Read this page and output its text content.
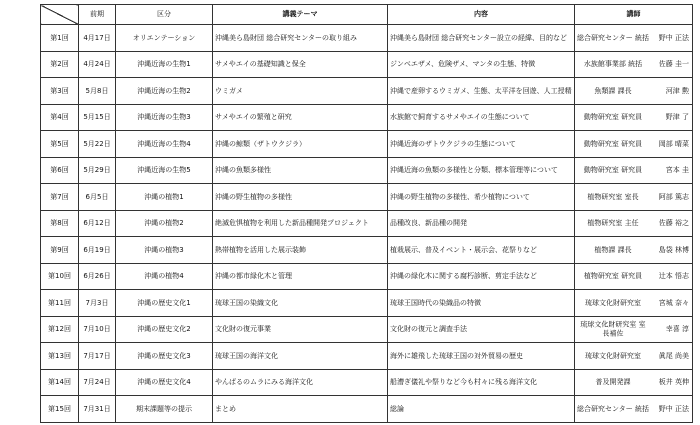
	前期	区分	講義テーマ	内容	講師
第1回	4月17日	オリエンテーション	沖縄美ら島財団 総合研究センターの取り組み	沖縄美ら島財団 総合研究センター設立の経緯、目的など	総合研究センター 統括 野中 正法

第2回	4月24日	沖縄近海の生物1	サメやエイの基礎知識と保全	ジンベエザメ、危険ザメ、マンタの生態、特徴	水族館事業部 統括 佐藤 圭一

第3回	5月8日	沖縄近海の生物2	ウミガメ	沖縄で産卵するウミガメ、生態、太平洋を回遊、人工授精	魚類課 課長 河津 勲

第4回	5月15日	沖縄近海の生物3	サメやエイの繁殖と研究	水族館で飼育するサメやエイの生態について	動物研究室 研究員 野津 了

第5回	5月22日	沖縄近海の生物4	沖縄の鯨類（ザトウクジラ）	沖縄近海のザトウクジラの生態について	動物研究室 研究員 岡部 晴菜

第6回	5月29日	沖縄近海の生物5	沖縄の魚類多様性	沖縄近海の魚類の多様性と分類、標本管理等について	動物研究室 研究員 宮本 圭

第7回	6月5日	沖縄の植物1	沖縄の野生植物の多様性	沖縄の野生植物の多様性、希少植物について	植物研究室 室長 阿部 篤志

第8回	6月12日	沖縄の植物2	絶滅危惧植物を利用した新品種開発プロジェクト	品種改良、新品種の開発	植物研究室 主任 佐藤 裕之

第9回	6月19日	沖縄の植物3	熱帯植物を活用した展示装飾	植栽展示、普及イベント・展示会、花祭りなど	植物課 課長 島袋 林博

第10回	6月26日	沖縄の植物4	沖縄の都市緑化木と管理	沖縄の緑化木に関する腐朽診断、剪定手法など	植物研究室 研究員 辻本 悟志

第11回	7月3日	沖縄の歴史文化1	琉球王国の染織文化	琉球王国時代の染織品の特徴	琉球文化財研究室 宮城 奈々

第12回	7月10日	沖縄の歴史文化2	文化財の復元事業	文化財の復元と調査手法	琉球文化財研究室 室長補佐
幸喜 淳

第13回	7月17日	沖縄の歴史文化3	琉球王国の海洋文化	海外に雄飛した琉球王国の対外貿易の歴史	琉球文化財研究室 眞尾 尚美

第14回	7月24日	沖縄の歴史文化4	やんばるのムラにみる海洋文化	船漕ぎ儀礼や祭りなど今も村々に残る海洋文化	普及開発課 板井 英伸

第15回	7月31日	期末課題等の提示	まとめ	総論	総合研究センター 統括 野中 正法
